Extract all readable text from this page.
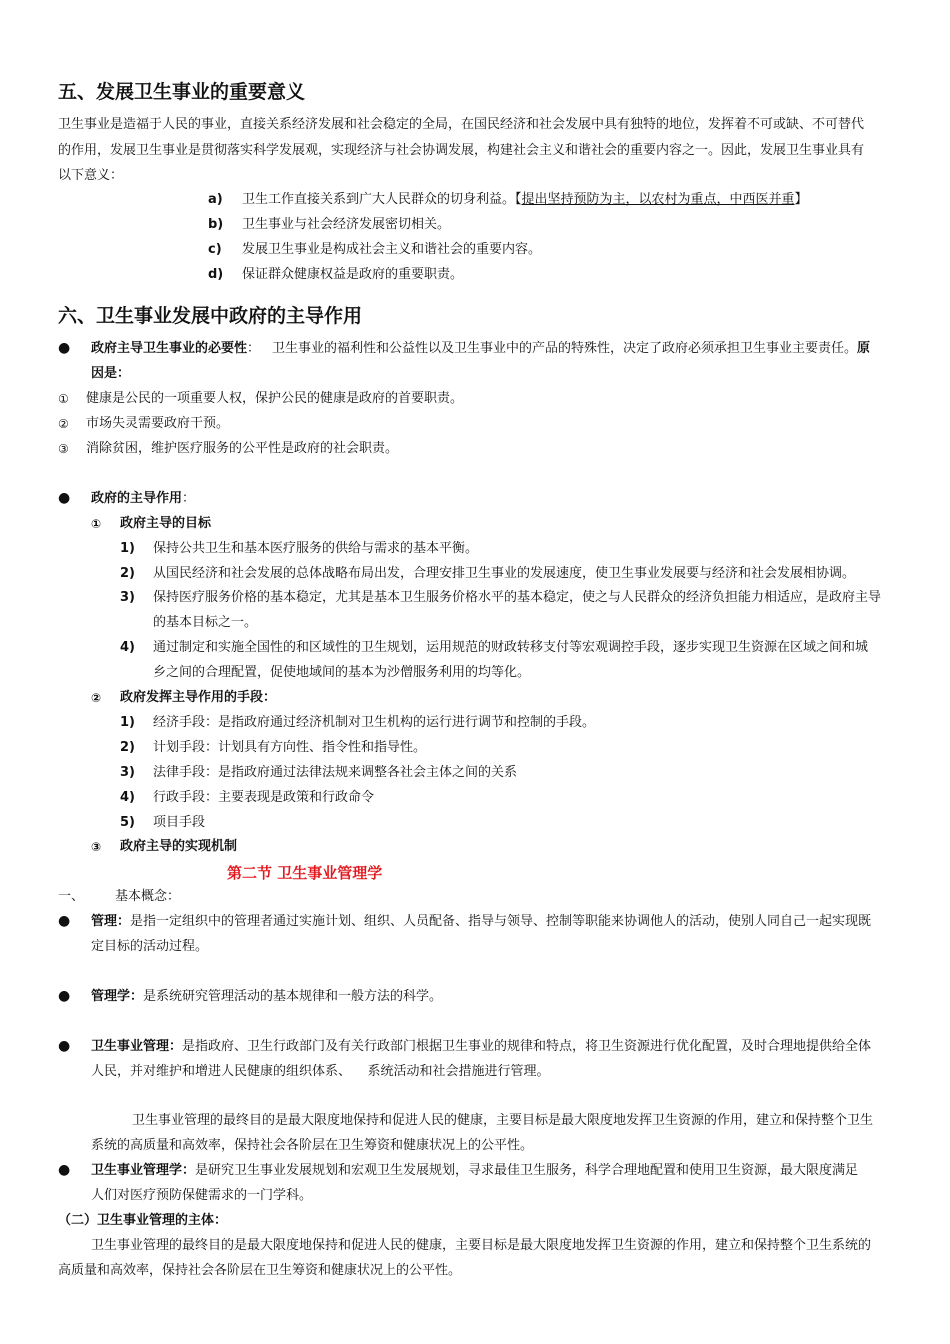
五、发展卫生事业的重要意义
卫生事业是造福于人民的事业，直接关系经济发展和社会稳定的全局，在国民经济和社会发展中具有独特的地位，发挥着不可或缺、不可替代
的作用，发展卫生事业是贯彻落实科学发展观，实现经济与社会协调发展，构建社会主义和谐社会的重要内容之一。因此，发展卫生事业具有
以下意义：
a) 卫生工作直接关系到广大人民群众的切身利益。【提出坚持预防为主，以农村为重点，中西医并重】
b) 卫生事业与社会经济发展密切相关。
c) 发展卫生事业是构成社会主义和谐社会的重要内容。
d) 保证群众健康权益是政府的重要职责。
六、卫生事业发展中政府的主导作用
● 政府主导卫生事业的必要性： 卫生事业的福利性和公益性以及卫生事业中的产品的特殊性，决定了政府必须承担卫生事业主要责任。原
因是：
① 健康是公民的一项重要人权，保护公民的健康是政府的首要职责。
② 市场失灵需要政府干预。
③ 消除贫困，维护医疗服务的公平性是政府的社会职责。
● 政府的主导作用：
① 政府主导的目标
1) 保持公共卫生和基本医疗服务的供给与需求的基本平衡。
2) 从国民经济和社会发展的总体战略布局出发，合理安排卫生事业的发展速度，使卫生事业发展要与经济和社会发展相协调。
3) 保持医疗服务价格的基本稳定，尤其是基本卫生服务价格水平的基本稳定，使之与人民群众的经济负担能力相适应，是政府主导
的基本目标之一。
4) 通过制定和实施全国性的和区域性的卫生规划，运用规范的财政转移支付等宏观调控手段，逐步实现卫生资源在区域之间和城
乡之间的合理配置，促使地域间的基本为沙僧服务利用的均等化。
② 政府发挥主导作用的手段：
1) 经济手段：是指政府通过经济机制对卫生机构的运行进行调节和控制的手段。
2) 计划手段：计划具有方向性、指令性和指导性。
3) 法律手段：是指政府通过法律法规来调整各社会主体之间的关系
4) 行政手段：主要表现是政策和行政命令
5) 项目手段
③ 政府主导的实现机制
第二节 卫生事业管理学
一、 基本概念：
● 管理：是指一定组织中的管理者通过实施计划、组织、人员配备、指导与领导、控制等职能来协调他人的活动，使别人同自己一起实现既
定目标的活动过程。
● 管理学：是系统研究管理活动的基本规律和一般方法的科学。
● 卫生事业管理：是指政府、卫生行政部门及有关行政部门根据卫生事业的规律和特点，将卫生资源进行优化配置，及时合理地提供给全体
人民，并对维护和增进人民健康的组织体系、    系统活动和社会措施进行管理。
卫生事业管理的最终目的是最大限度地保持和促进人民的健康，主要目标是最大限度地发挥卫生资源的作用，建立和保持整个卫生
系统的高质量和高效率，保持社会各阶层在卫生筹资和健康状况上的公平性。
● 卫生事业管理学：是研究卫生事业发展规划和宏观卫生发展规划，寻求最佳卫生服务，科学合理地配置和使用卫生资源，最大限度满足
人们对医疗预防保健需求的一门学科。
（二）卫生事业管理的主体：
卫生事业管理的最终目的是最大限度地保持和促进人民的健康，主要目标是最大限度地发挥卫生资源的作用，建立和保持整个卫生系统的
高质量和高效率，保持社会各阶层在卫生筹资和健康状况上的公平性。
